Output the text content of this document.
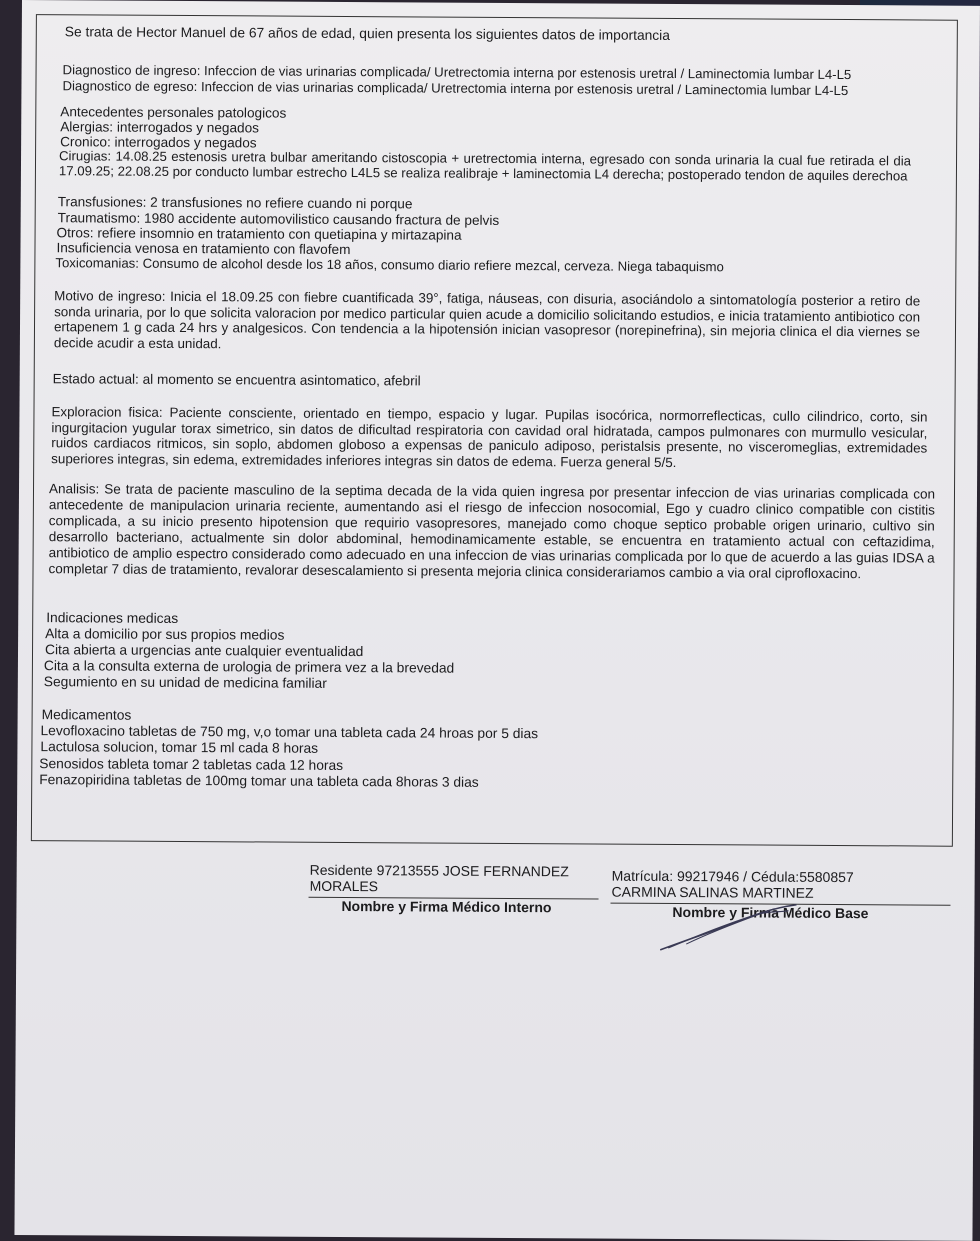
Se trata de Hector Manuel de 67 años de edad, quien presenta los siguientes datos de importancia
Diagnostico de ingreso: Infeccion de vias urinarias complicada/ Uretrectomia interna por estenosis uretral / Laminectomia lumbar L4-L5
Diagnostico de egreso: Infeccion de vias urinarias complicada/ Uretrectomia interna por estenosis uretral / Laminectomia lumbar L4-L5
Antecedentes personales patologicos
Alergias: interrogados y negados
Cronico: interrogados y negados
Cirugias: 14.08.25 estenosis uretra bulbar ameritando cistoscopia + uretrectomia interna, egresado con sonda urinaria la cual fue retirada el dia 17.09.25; 22.08.25 por conducto lumbar estrecho L4L5 se realiza realibraje + laminectomia L4 derecha; postoperado tendon de aquiles derechoa
Transfusiones: 2 transfusiones no refiere cuando ni porque
Traumatismo: 1980 accidente automovilistico causando fractura de pelvis
Otros: refiere insomnio en tratamiento con quetiapina y mirtazapina
Insuficiencia venosa en tratamiento con flavofem
Toxicomanias: Consumo de alcohol desde los 18 años, consumo diario refiere mezcal, cerveza. Niega tabaquismo
Motivo de ingreso: Inicia el 18.09.25 con fiebre cuantificada 39°, fatiga, náuseas, con disuria, asociándolo a sintomatología posterior a retiro de sonda urinaria, por lo que solicita valoracion por medico particular quien acude a domicilio solicitando estudios, e inicia tratamiento antibiotico con ertapenem 1 g cada 24 hrs y analgesicos. Con tendencia a la hipotensión inician vasopresor (norepinefrina), sin mejoria clinica el dia viernes se decide acudir a esta unidad.
Estado actual: al momento se encuentra asintomatico, afebril
Exploracion fisica: Paciente consciente, orientado en tiempo, espacio y lugar. Pupilas isocórica, normorreflecticas, cullo cilindrico, corto, sin ingurgitacion yugular torax simetrico, sin datos de dificultad respiratoria con cavidad oral hidratada, campos pulmonares con murmullo vesicular, ruidos cardiacos ritmicos, sin soplo, abdomen globoso a expensas de paniculo adiposo, peristalsis presente, no visceromeglias, extremidades superiores integras, sin edema, extremidades inferiores integras sin datos de edema. Fuerza general 5/5.
Analisis: Se trata de paciente masculino de la septima decada de la vida quien ingresa por presentar infeccion de vias urinarias complicada con antecedente de manipulacion urinaria reciente, aumentando asi el riesgo de infeccion nosocomial, Ego y cuadro clinico compatible con cistitis complicada, a su inicio presento hipotension que requirio vasopresores, manejado como choque septico probable origen urinario, cultivo sin desarrollo bacteriano, actualmente sin dolor abdominal, hemodinamicamente estable, se encuentra en tratamiento actual con ceftazidima, antibiotico de amplio espectro considerado como adecuado en una infeccion de vias urinarias complicada por lo que de acuerdo a las guias IDSA a completar 7 dias de tratamiento, revalorar desescalamiento si presenta mejoria clinica considerariamos cambio a via oral ciprofloxacino.
Indicaciones medicas
Alta a domicilio por sus propios medios
Cita abierta a urgencias ante cualquier eventualidad
Cita a la consulta externa de urologia de primera vez a la brevedad
Segumiento en su unidad de medicina familiar
Medicamentos
Levofloxacino tabletas de 750 mg, v,o tomar una tableta cada 24 hroas por 5 dias
Lactulosa solucion, tomar 15 ml cada 8 horas
Senosidos tableta tomar 2 tabletas cada 12 horas
Fenazopiridina tabletas de 100mg tomar una tableta cada 8horas 3 dias
Residente 97213555 JOSE FERNANDEZ
MORALES
Nombre y Firma Médico Interno
Matrícula: 99217946 / Cédula:5580857
CARMINA SALINAS MARTINEZ
Nombre y Firma Médico Base
